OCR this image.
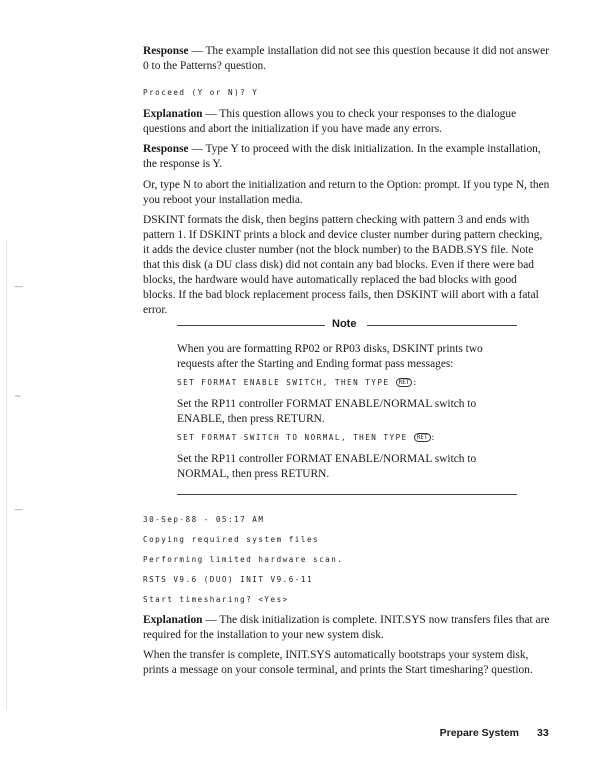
Response — The example installation did not see this question because it did not answer 0 to the Patterns? question.

Proceed (Y or N)? Y

Explanation — This question allows you to check your responses to the dialogue questions and abort the initialization if you have made any errors.

Response — Type Y to proceed with the disk initialization. In the example installation, the response is Y.

Or, type N to abort the initialization and return to the Option: prompt. If you type N, then you reboot your installation media.

DSKINT formats the disk, then begins pattern checking with pattern 3 and ends with pattern 1. If DSKINT prints a block and device cluster number during pattern checking, it adds the device cluster number (not the block number) to the BADB.SYS file. Note that this disk (a DU class disk) did not contain any bad blocks. Even if there were bad blocks, the hardware would have automatically replaced the bad blocks with good blocks. If the bad block replacement process fails, then DSKINT will abort with a fatal error.

Note

When you are formatting RP02 or RP03 disks, DSKINT prints two requests after the Starting and Ending format pass messages:

SET FORMAT ENABLE SWITCH, THEN TYPE RET :

Set the RP11 controller FORMAT ENABLE/NORMAL switch to ENABLE, then press RETURN.

SET FORMAT SWITCH TO NORMAL, THEN TYPE RET :

Set the RP11 controller FORMAT ENABLE/NORMAL switch to NORMAL, then press RETURN.

30-Sep-88 - 05:17 AM
Copying required system files
Performing limited hardware scan.
RSTS V9.6 (DUO) INIT V9.6-11
Start timesharing? <Yes>

Explanation — The disk initialization is complete. INIT.SYS now transfers files that are required for the installation to your new system disk.

When the transfer is complete, INIT.SYS automatically bootstraps your system disk, prints a message on your console terminal, and prints the Start timesharing? question.

Prepare System 33
—
~
—
